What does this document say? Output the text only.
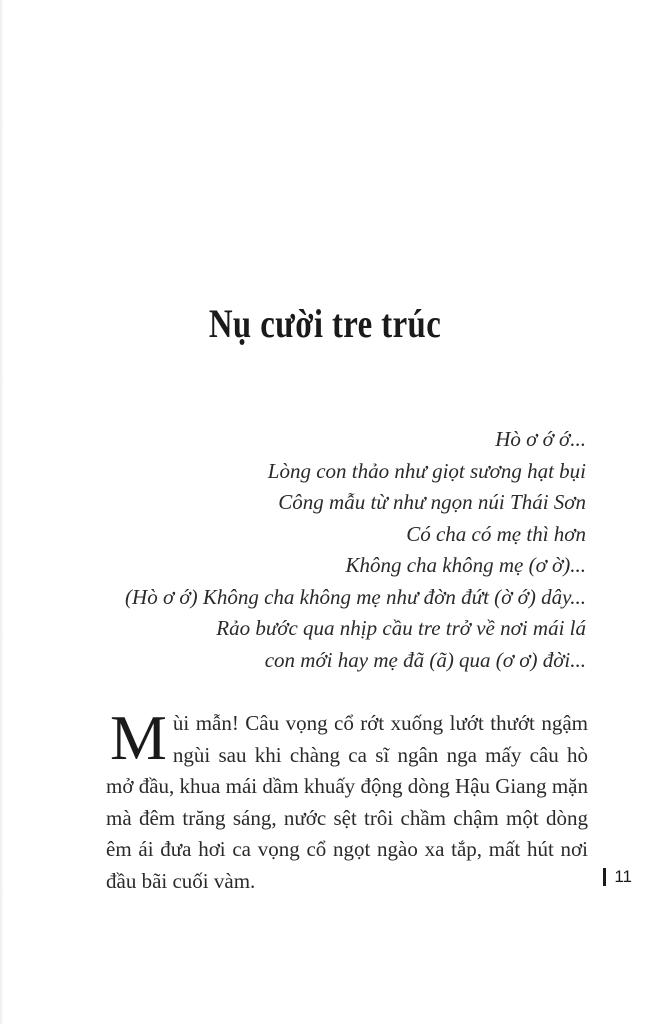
Nụ cười tre trúc
Hò ơ ớ ớ...
Lòng con thảo như giọt sương hạt bụi
Công mẫu từ như ngọn núi Thái Sơn
Có cha có mẹ thì hơn
Không cha không mẹ (ơ ờ)...
(Hò ơ ớ) Không cha không mẹ như đờn đứt (ờ ớ) dây...
Rảo bước qua nhịp cầu tre trở về nơi mái lá
con mới hay mẹ đã (ã) qua (ơ ơ) đời...
Mùi mẫn! Câu vọng cổ rớt xuống lướt thướt ngậm ngùi sau khi chàng ca sĩ ngân nga mấy câu hò mở đầu, khua mái dầm khuấy động dòng Hậu Giang mặn mà đêm trăng sáng, nước sệt trôi chầm chậm một dòng êm ái đưa hơi ca vọng cổ ngọt ngào xa tắp, mất hút nơi đầu bãi cuối vàm.	11
